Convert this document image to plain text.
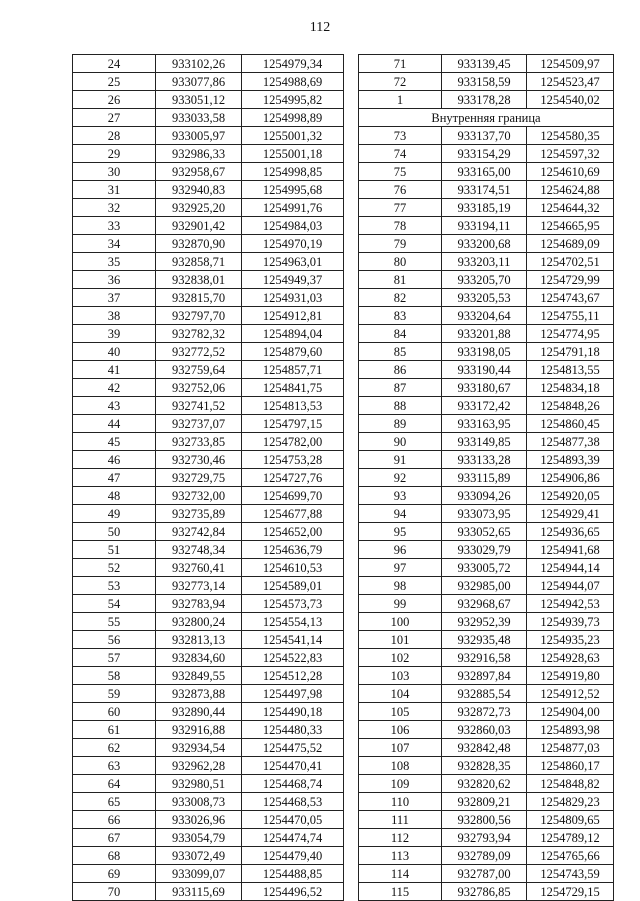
112
24	933102,26	1254979,34
25	933077,86	1254988,69
26	933051,12	1254995,82
27	933033,58	1254998,89
28	933005,97	1255001,32
29	932986,33	1255001,18
30	932958,67	1254998,85
31	932940,83	1254995,68
32	932925,20	1254991,76
33	932901,42	1254984,03
34	932870,90	1254970,19
35	932858,71	1254963,01
36	932838,01	1254949,37
37	932815,70	1254931,03
38	932797,70	1254912,81
39	932782,32	1254894,04
40	932772,52	1254879,60
41	932759,64	1254857,71
42	932752,06	1254841,75
43	932741,52	1254813,53
44	932737,07	1254797,15
45	932733,85	1254782,00
46	932730,46	1254753,28
47	932729,75	1254727,76
48	932732,00	1254699,70
49	932735,89	1254677,88
50	932742,84	1254652,00
51	932748,34	1254636,79
52	932760,41	1254610,53
53	932773,14	1254589,01
54	932783,94	1254573,73
55	932800,24	1254554,13
56	932813,13	1254541,14
57	932834,60	1254522,83
58	932849,55	1254512,28
59	932873,88	1254497,98
60	932890,44	1254490,18
61	932916,88	1254480,33
62	932934,54	1254475,52
63	932962,28	1254470,41
64	932980,51	1254468,74
65	933008,73	1254468,53
66	933026,96	1254470,05
67	933054,79	1254474,74
68	933072,49	1254479,40
69	933099,07	1254488,85
70	933115,69	1254496,52
71	933139,45	1254509,97
72	933158,59	1254523,47
1	933178,28	1254540,02
Внутренняя граница		
73	933137,70	1254580,35
74	933154,29	1254597,32
75	933165,00	1254610,69
76	933174,51	1254624,88
77	933185,19	1254644,32
78	933194,11	1254665,95
79	933200,68	1254689,09
80	933203,11	1254702,51
81	933205,70	1254729,99
82	933205,53	1254743,67
83	933204,64	1254755,11
84	933201,88	1254774,95
85	933198,05	1254791,18
86	933190,44	1254813,55
87	933180,67	1254834,18
88	933172,42	1254848,26
89	933163,95	1254860,45
90	933149,85	1254877,38
91	933133,28	1254893,39
92	933115,89	1254906,86
93	933094,26	1254920,05
94	933073,95	1254929,41
95	933052,65	1254936,65
96	933029,79	1254941,68
97	933005,72	1254944,14
98	932985,00	1254944,07
99	932968,67	1254942,53
100	932952,39	1254939,73
101	932935,48	1254935,23
102	932916,58	1254928,63
103	932897,84	1254919,80
104	932885,54	1254912,52
105	932872,73	1254904,00
106	932860,03	1254893,98
107	932842,48	1254877,03
108	932828,35	1254860,17
109	932820,62	1254848,82
110	932809,21	1254829,23
111	932800,56	1254809,65
112	932793,94	1254789,12
113	932789,09	1254765,66
114	932787,00	1254743,59
115	932786,85	1254729,15
